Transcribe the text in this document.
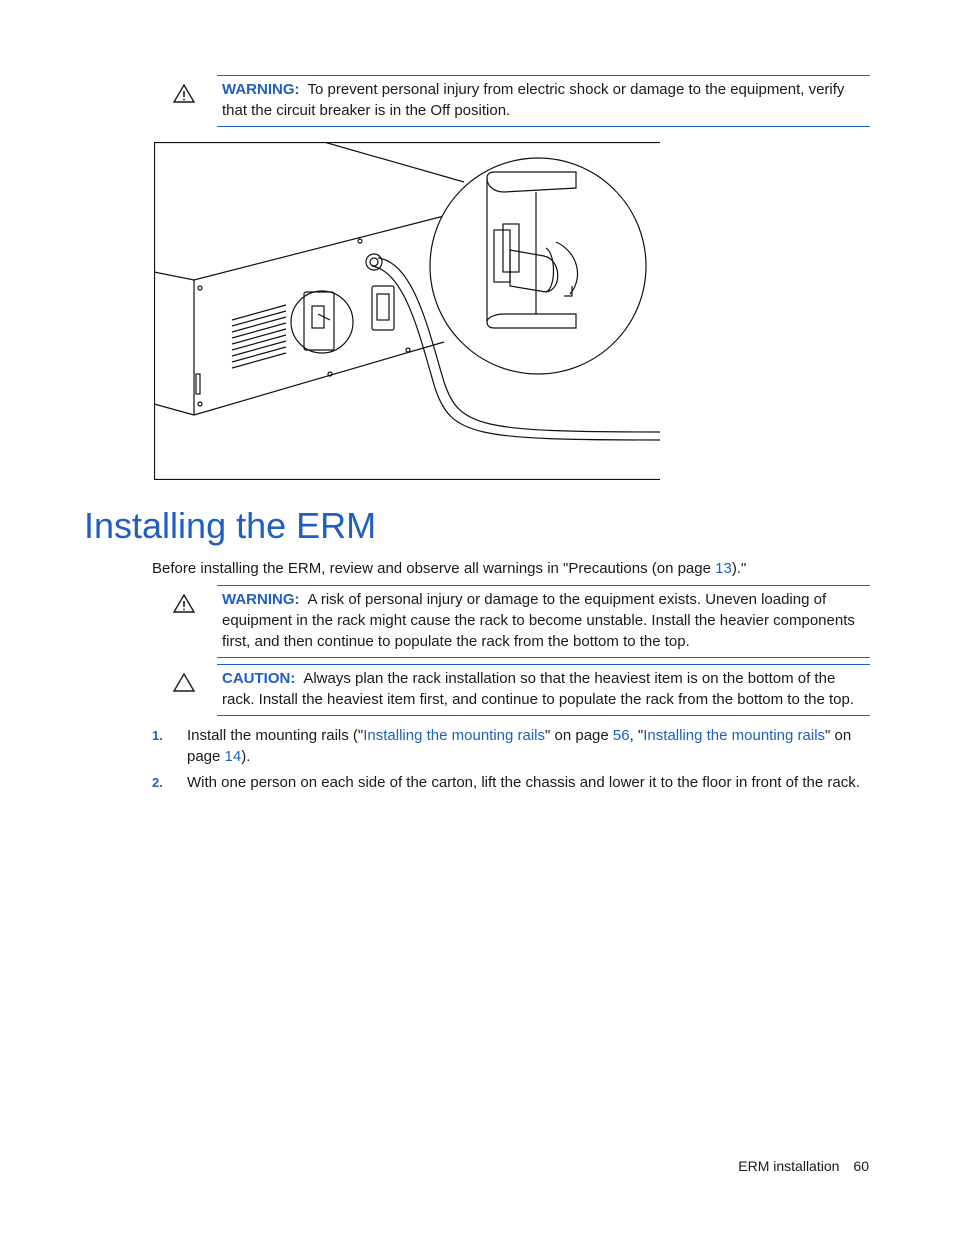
WARNING: To prevent personal injury from electric shock or damage to the equipment, verify that the circuit breaker is in the Off position.
Installing the ERM
Before installing the ERM, review and observe all warnings in "Precautions (on page 13)."
WARNING: A risk of personal injury or damage to the equipment exists. Uneven loading of equipment in the rack might cause the rack to become unstable. Install the heavier components first, and then continue to populate the rack from the bottom to the top.
CAUTION: Always plan the rack installation so that the heaviest item is on the bottom of the rack. Install the heaviest item first, and continue to populate the rack from the bottom to the top.
1. Install the mounting rails ("Installing the mounting rails" on page 56, "Installing the mounting rails" on page 14).
2. With one person on each side of the carton, lift the chassis and lower it to the floor in front of the rack.
ERM installation 60
